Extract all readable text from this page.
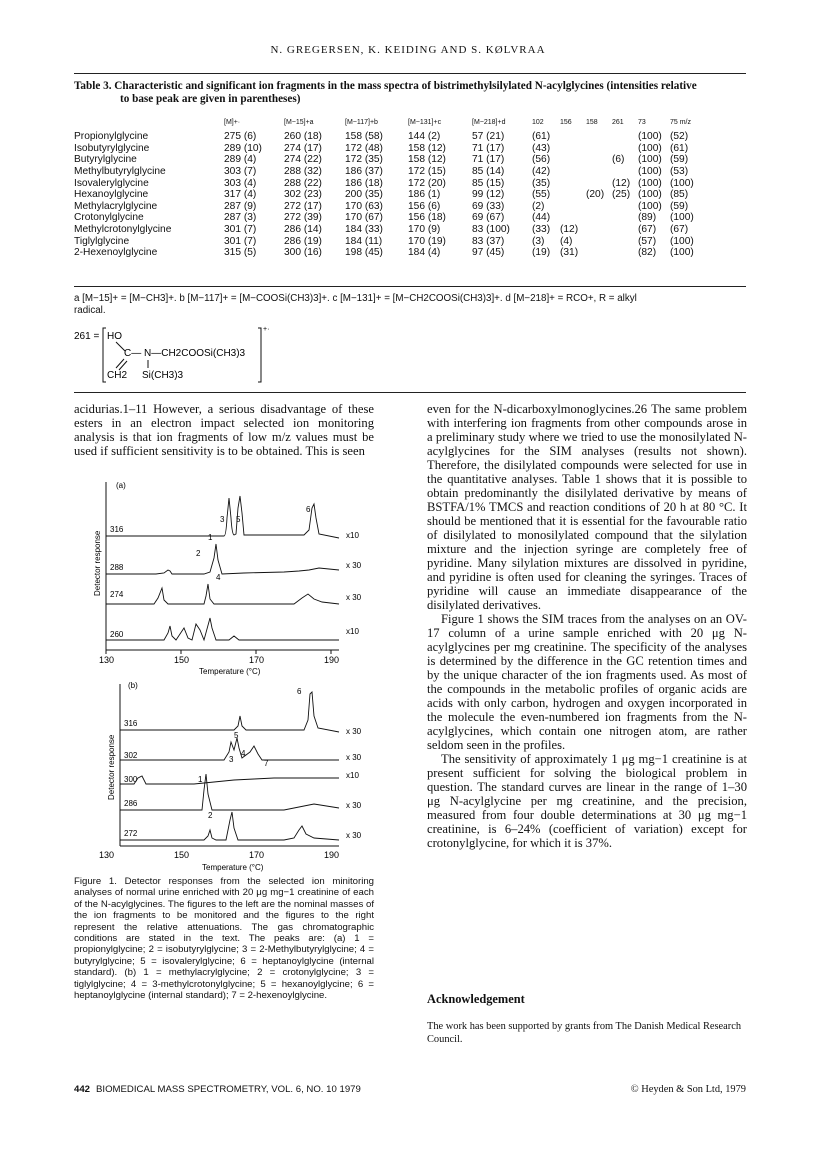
N. GREGERSEN, K. KEIDING AND S. KØLVRAA
Table 3. Characteristic and significant ion fragments in the mass spectra of bistrimethylsilylated N-acylglycines (intensities relative
to base peak are given in parentheses)
	[M]+·	[M−15]+a	[M−117]+b	[M−131]+c	[M−218]+d	102	156	158	261	73	75 m/z
Propionylglycine	275 (6)	260 (18)	158 (58)	144 (2)	57 (21)	(61)				(100)	(52)
Isobutyrylglycine	289 (10)	274 (17)	172 (48)	158 (12)	71 (17)	(43)				(100)	(61)
Butyrylglycine	289 (4)	274 (22)	172 (35)	158 (12)	71 (17)	(56)			(6)	(100)	(59)
Methylbutyrylglycine	303 (7)	288 (32)	186 (37)	172 (15)	85 (14)	(42)				(100)	(53)
Isovalerylglycine	303 (4)	288 (22)	186 (18)	172 (20)	85 (15)	(35)			(12)	(100)	(100)
Hexanoylglycine	317 (4)	302 (23)	200 (35)	186 (1)	99 (12)	(55)		(20)	(25)	(100)	(85)
Methylacrylglycine	287 (9)	272 (17)	170 (63)	156 (6)	69 (33)	(2)				(100)	(59)
Crotonylglycine	287 (3)	272 (39)	170 (67)	156 (18)	69 (67)	(44)				(89)	(100)
Methylcrotonylglycine	301 (7)	286 (14)	184 (33)	170 (9)	83 (100)	(33)	(12)			(67)	(67)
Tiglylglycine	301 (7)	286 (19)	184 (11)	170 (19)	83 (37)	(3)	(4)			(57)	(100)
2-Hexenoylglycine	315 (5)	300 (16)	198 (45)	184 (4)	97 (45)	(19)	(31)			(82)	(100)
a [M−15]+ = [M−CH3]+. b [M−117]+ = [M−COOSi(CH3)3]+. c [M−131]+ = [M−CH2COOSi(CH3)3]+. d [M−218]+ = RCO+, R = alkyl
radical.
261 =
+·
HO
C— N—CH2COOSi(CH3)3
CH2 Si(CH3)3

acidurias.1–11 However, a serious disadvantage of these esters in an electron impact selected ion monitoring analysis is that ion fragments of low m/z values must be used if sufficient sensitivity is to be obtained. This is seen

(a)
Detector response
130	150	170	190
Temperature (°C)
316
288
274
260
x10
x 30
x 30
x10
1
2
3
4
5
6
(b)
Detector response
130	150	170	190
Temperature (°C)
316
302
300
286
272
x 30
x 30
x10
x 30
x 30
1
2
3
4
5
6
7
Figure 1. Detector responses from the selected ion minitoring analyses of normal urine enriched with 20 μg mg−1 creatinine of each of the N-acylglycines. The figures to the left are the nominal masses of the ion fragments to be monitored and the figures to the right represent the relative attenuations. The gas chromatographic conditions are stated in the text. The peaks are: (a) 1 = propionylglycine; 2 = isobutyrylglycine; 3 = 2-Methylbutyrylglycine; 4 = butyrylglycine; 5 = isovalerylglycine; 6 = heptanoylglycine (internal standard). (b) 1 = methylacrylglycine; 2 = crotonylglycine; 3 = tiglylglycine; 4 = 3-methylcrotonylglycine; 5 = hexanoylglycine; 6 = heptanoylglycine (internal standard); 7 = 2-hexenoylglycine.

even for the N-dicarboxylmonoglycines.26 The same problem with interfering ion fragments from other compounds arose in a preliminary study where we tried to use the monosilylated N-acylglycines for the SIM analyses (results not shown). Therefore, the disilylated compounds were selected for use in the quantitative analyses. Table 1 shows that it is possible to obtain predominantly the disilylated derivative by means of BSTFA/1% TMCS and reaction conditions of 20 h at 80 °C. It should be mentioned that it is essential for the favourable ratio of disilylated to monosilylated compound that the silylation mixture and the injection syringe are completely free of pyridine. Many silylation mixtures are dissolved in pyridine, and pyridine is often used for cleaning the syringes. Traces of pyridine will cause an immediate disappearance of the disilylated derivatives.

Figure 1 shows the SIM traces from the analyses on an OV-17 column of a urine sample enriched with 20 μg N-acylglycines per mg creatinine. The specificity of the analyses is determined by the difference in the GC retention times and by the unique character of the ion fragments used. As most of the compounds in the metabolic profiles of organic acids are acids with only carbon, hydrogen and oxygen incorporated in the molecule the even-numbered ion fragments from the N-acylglycines, which contain one nitrogen atom, are rather seldom seen in the profiles.

The sensitivity of approximately 1 μg mg−1 creatinine is at present sufficient for solving the biological problem in question. The standard curves are linear in the range of 1–30 μg N-acylglycine per mg creatinine, and the precision, measured from four double determinations at 30 μg mg−1 creatinine, is 6–24% (coefficient of variation) except for crotonylglycine, for which it is 37%.

Acknowledgement
The work has been supported by grants from The Danish Medical Research Council.
442 BIOMEDICAL MASS SPECTROMETRY, VOL. 6, NO. 10 1979	© Heyden & Son Ltd, 1979
